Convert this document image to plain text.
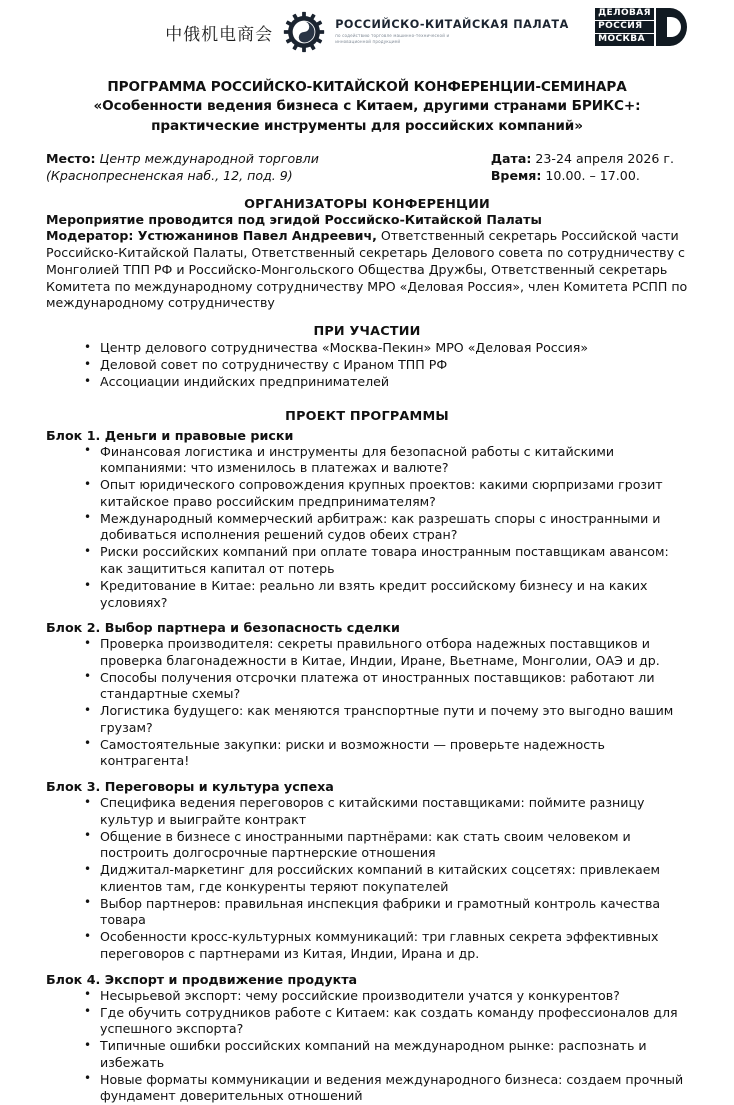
中俄机电商会	РОССИЙСКО-КИТАЙСКАЯ ПАЛАТА
по содействию торговле машинно-технической и инновационной продукцией
ДЕЛОВАЯ
РОССИЯ
МОСКВА
ПРОГРАММА РОССИЙСКО-КИТАЙСКОЙ КОНФЕРЕНЦИИ-СЕМИНАРА
«Особенности ведения бизнеса с Китаем, другими странами БРИКС+:
практические инструменты для российских компаний»
Место: Центр международной торговли
(Краснопресненская наб., 12, под. 9)
Дата: 23-24 апреля 2026 г.
Время: 10.00. – 17.00.
ОРГАНИЗАТОРЫ КОНФЕРЕНЦИИ

Мероприятие проводится под эгидой Российско-Китайской Палаты

Модератор: Устюжанинов Павел Андреевич, Ответственный секретарь Российской части Российско-Китайской Палаты, Ответственный секретарь Делового совета по сотрудничеству с Монголией ТПП РФ и Российско-Монгольского Общества Дружбы, Ответственный секретарь Комитета по международному сотрудничеству МРО «Деловая Россия», член Комитета РСПП по международному сотрудничеству

ПРИ УЧАСТИИ
• Центр делового сотрудничества «Москва-Пекин» МРО «Деловая Россия»
• Деловой совет по сотрудничеству с Ираном ТПП РФ
• Ассоциации индийских предпринимателей
ПРОЕКТ ПРОГРАММЫ
Блок 1. Деньги и правовые риски
• Финансовая логистика и инструменты для безопасной работы с китайскими компаниями: что изменилось в платежах и валюте?
• Опыт юридического сопровождения крупных проектов: какими сюрпризами грозит китайское право российским предпринимателям?
• Международный коммерческий арбитраж: как разрешать споры с иностранными и добиваться исполнения решений судов обеих стран?
• Риски российских компаний при оплате товара иностранным поставщикам авансом: как защититься капитал от потерь
• Кредитование в Китае: реально ли взять кредит российскому бизнесу и на каких условиях?
Блок 2. Выбор партнера и безопасность сделки
• Проверка производителя: секреты правильного отбора надежных поставщиков и проверка благонадежности в Китае, Индии, Иране, Вьетнаме, Монголии, ОАЭ и др.
• Способы получения отсрочки платежа от иностранных поставщиков: работают ли стандартные схемы?
• Логистика будущего: как меняются транспортные пути и почему это выгодно вашим грузам?
• Самостоятельные закупки: риски и возможности — проверьте надежность контрагента!
Блок 3. Переговоры и культура успеха
• Специфика ведения переговоров с китайскими поставщиками: поймите разницу культур и выиграйте контракт
• Общение в бизнесе с иностранными партнёрами: как стать своим человеком и построить долгосрочные партнерские отношения
• Диджитал-маркетинг для российских компаний в китайских соцсетях: привлекаем клиентов там, где конкуренты теряют покупателей
• Выбор партнеров: правильная инспекция фабрики и грамотный контроль качества товара
• Особенности кросс-культурных коммуникаций: три главных секрета эффективных переговоров с партнерами из Китая, Индии, Ирана и др.
Блок 4. Экспорт и продвижение продукта
• Несырьевой экспорт: чему российские производители учатся у конкурентов?
• Где обучить сотрудников работе с Китаем: как создать команду профессионалов для успешного экспорта?
• Типичные ошибки российских компаний на международном рынке: распознать и избежать
• Новые форматы коммуникации и ведения международного бизнеса: создаем прочный фундамент доверительных отношений
